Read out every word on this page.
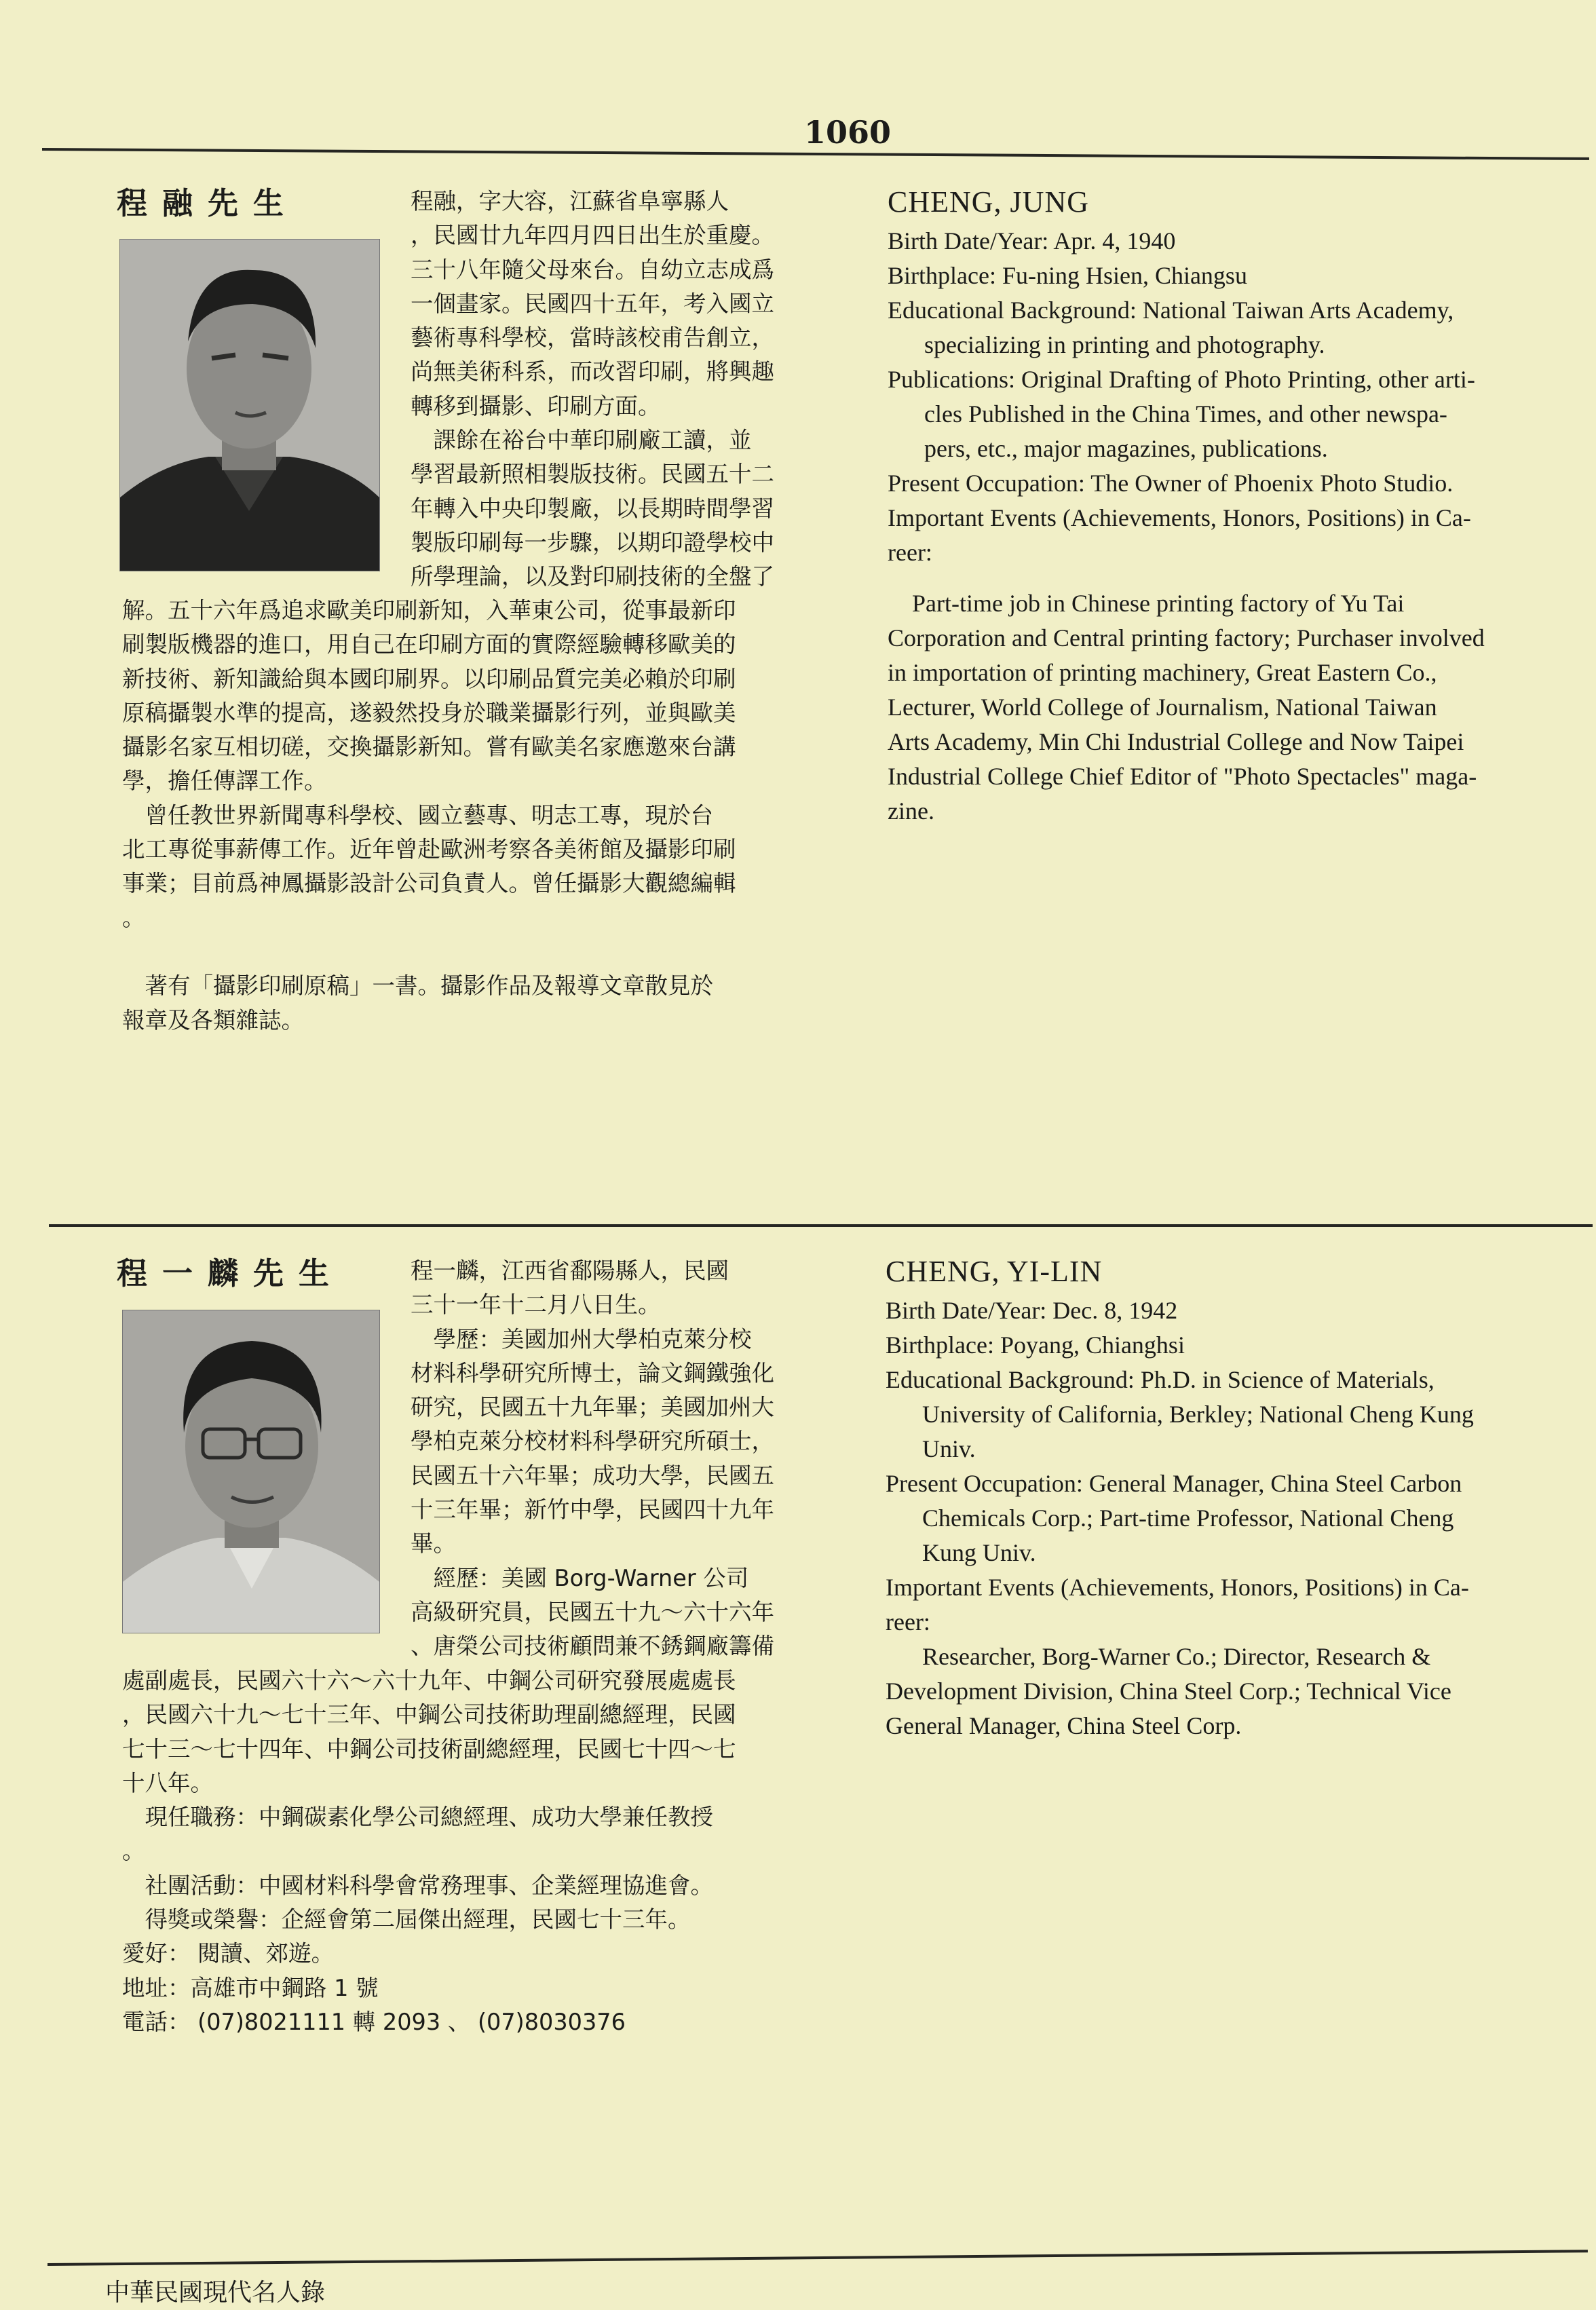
1060
程融先生	程融，字大容，江蘇省阜寧縣人
，民國廿九年四月四日出生於重慶。
三十八年隨父母來台。自幼立志成爲
一個畫家。民國四十五年，考入國立
藝術專科學校，當時該校甫告創立，
尚無美術科系，而改習印刷，將興趣
轉移到攝影、印刷方面。
　課餘在裕台中華印刷廠工讀，並
學習最新照相製版技術。民國五十二
年轉入中央印製廠，以長期時間學習
製版印刷每一步驟，以期印證學校中
所學理論，以及對印刷技術的全盤了
解。五十六年爲追求歐美印刷新知，入華東公司，從事最新印
刷製版機器的進口，用自己在印刷方面的實際經驗轉移歐美的
新技術、新知識給與本國印刷界。以印刷品質完美必賴於印刷
原稿攝製水準的提高，遂毅然投身於職業攝影行列，並與歐美
攝影名家互相切磋，交換攝影新知。嘗有歐美名家應邀來台講
學，擔任傳譯工作。
　曾任教世界新聞專科學校、國立藝專、明志工專，現於台
北工專從事薪傳工作。近年曾赴歐洲考察各美術館及攝影印刷
事業；目前爲神鳳攝影設計公司負責人。曾任攝影大觀總編輯
。

　著有「攝影印刷原稿」一書。攝影作品及報導文章散見於
報章及各類雜誌。
CHENG, JUNG
Birth Date/Year: Apr. 4, 1940
Birthplace: Fu-ning Hsien, Chiangsu
Educational Background: National Taiwan Arts Academy,
specializing in printing and photography.
Publications: Original Drafting of Photo Printing, other arti-
cles Published in the China Times, and other newspa-
pers, etc., major magazines, publications.
Present Occupation: The Owner of Phoenix Photo Studio.
Important Events (Achievements, Honors, Positions) in Ca-
reer:
Part-time job in Chinese printing factory of Yu Tai
Corporation and Central printing factory; Purchaser involved
in importation of printing machinery, Great Eastern Co.,
Lecturer, World College of Journalism, National Taiwan
Arts Academy, Min Chi Industrial College and Now Taipei
Industrial College Chief Editor of "Photo Spectacles" maga-
zine.
程一麟先生	程一麟，江西省鄱陽縣人，民國
三十一年十二月八日生。
　學歷：美國加州大學柏克萊分校
材料科學研究所博士，論文鋼鐵強化
研究，民國五十九年畢；美國加州大
學柏克萊分校材料科學研究所碩士，
民國五十六年畢；成功大學，民國五
十三年畢；新竹中學，民國四十九年
畢。
　經歷：美國 Borg-Warner 公司
高級研究員，民國五十九～六十六年
、唐榮公司技術顧問兼不銹鋼廠籌備
處副處長，民國六十六～六十九年、中鋼公司研究發展處處長
，民國六十九～七十三年、中鋼公司技術助理副總經理，民國
七十三～七十四年、中鋼公司技術副總經理，民國七十四～七
十八年。
　現任職務：中鋼碳素化學公司總經理、成功大學兼任教授
。
　社團活動：中國材料科學會常務理事、企業經理協進會。
　得獎或榮譽：企經會第二屆傑出經理，民國七十三年。
愛好： 閱讀、郊遊。
地址：高雄市中鋼路 1 號
電話： (07)8021111 轉 2093 、 (07)8030376
CHENG, YI-LIN
Birth Date/Year: Dec. 8, 1942
Birthplace: Poyang, Chianghsi
Educational Background: Ph.D. in Science of Materials,
University of California, Berkley; National Cheng Kung
Univ.
Present Occupation: General Manager, China Steel Carbon
Chemicals Corp.; Part-time Professor, National Cheng
Kung Univ.
Important Events (Achievements, Honors, Positions) in Ca-
reer:
Researcher, Borg-Warner Co.; Director, Research &
Development Division, China Steel Corp.; Technical Vice
General Manager, China Steel Corp.
中華民國現代名人錄
